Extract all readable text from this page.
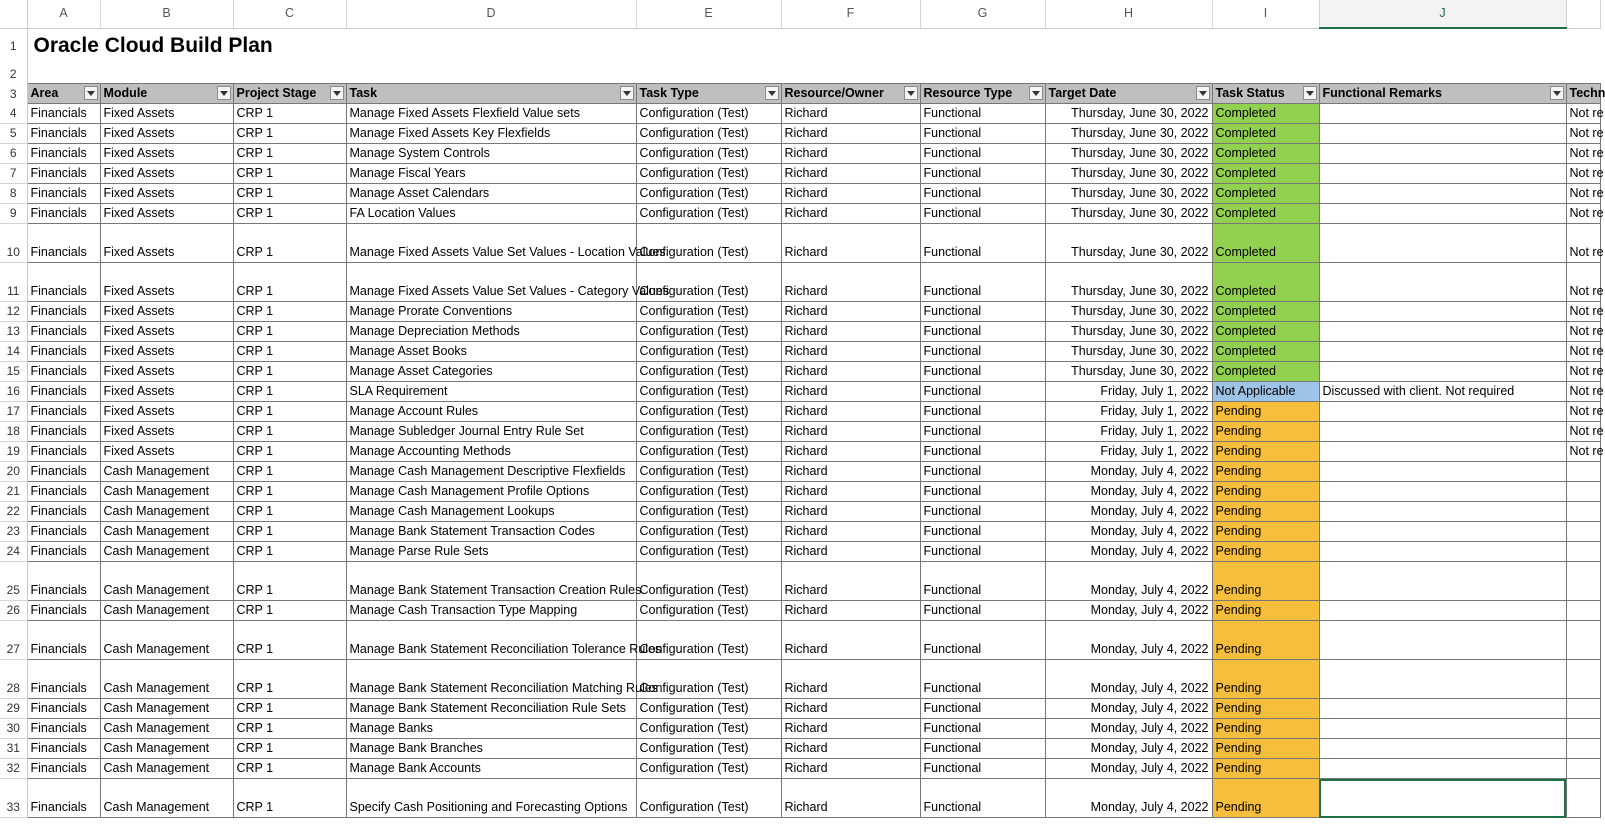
	A	B	C	D	E	F	G	H	I	J	
1	Oracle Cloud Build Plan										
2											
3	Area	Module	Project Stage	Task	Task Type	Resource/Owner	Resource Type	Target Date	Task Status	Functional Remarks	Techn
4	Financials	Fixed Assets	CRP 1	Manage Fixed Assets Flexfield Value sets	Configuration (Test)	Richard	Functional	Thursday, June 30, 2022	Completed		Not re
5	Financials	Fixed Assets	CRP 1	Manage Fixed Assets Key Flexfields	Configuration (Test)	Richard	Functional	Thursday, June 30, 2022	Completed		Not re
6	Financials	Fixed Assets	CRP 1	Manage System Controls	Configuration (Test)	Richard	Functional	Thursday, June 30, 2022	Completed		Not re
7	Financials	Fixed Assets	CRP 1	Manage Fiscal Years	Configuration (Test)	Richard	Functional	Thursday, June 30, 2022	Completed		Not re
8	Financials	Fixed Assets	CRP 1	Manage Asset Calendars	Configuration (Test)	Richard	Functional	Thursday, June 30, 2022	Completed		Not re
9	Financials	Fixed Assets	CRP 1	FA Location Values	Configuration (Test)	Richard	Functional	Thursday, June 30, 2022	Completed		Not re
10	Financials	Fixed Assets	CRP 1	Manage Fixed Assets Value Set Values - Location Values	Configuration (Test)	Richard	Functional	Thursday, June 30, 2022	Completed		Not re
11	Financials	Fixed Assets	CRP 1	Manage Fixed Assets Value Set Values - Category Values	Configuration (Test)	Richard	Functional	Thursday, June 30, 2022	Completed		Not re
12	Financials	Fixed Assets	CRP 1	Manage Prorate Conventions	Configuration (Test)	Richard	Functional	Thursday, June 30, 2022	Completed		Not re
13	Financials	Fixed Assets	CRP 1	Manage Depreciation Methods	Configuration (Test)	Richard	Functional	Thursday, June 30, 2022	Completed		Not re
14	Financials	Fixed Assets	CRP 1	Manage Asset Books	Configuration (Test)	Richard	Functional	Thursday, June 30, 2022	Completed		Not re
15	Financials	Fixed Assets	CRP 1	Manage Asset Categories	Configuration (Test)	Richard	Functional	Thursday, June 30, 2022	Completed		Not re
16	Financials	Fixed Assets	CRP 1	SLA Requirement	Configuration (Test)	Richard	Functional	Friday, July 1, 2022	Not Applicable	Discussed with client. Not required	Not re
17	Financials	Fixed Assets	CRP 1	Manage Account Rules	Configuration (Test)	Richard	Functional	Friday, July 1, 2022	Pending		Not re
18	Financials	Fixed Assets	CRP 1	Manage Subledger Journal Entry Rule Set	Configuration (Test)	Richard	Functional	Friday, July 1, 2022	Pending		Not re
19	Financials	Fixed Assets	CRP 1	Manage Accounting Methods	Configuration (Test)	Richard	Functional	Friday, July 1, 2022	Pending		Not re
20	Financials	Cash Management	CRP 1	Manage Cash Management Descriptive Flexfields	Configuration (Test)	Richard	Functional	Monday, July 4, 2022	Pending		
21	Financials	Cash Management	CRP 1	Manage Cash Management Profile Options	Configuration (Test)	Richard	Functional	Monday, July 4, 2022	Pending		
22	Financials	Cash Management	CRP 1	Manage Cash Management Lookups	Configuration (Test)	Richard	Functional	Monday, July 4, 2022	Pending		
23	Financials	Cash Management	CRP 1	Manage Bank Statement Transaction Codes	Configuration (Test)	Richard	Functional	Monday, July 4, 2022	Pending		
24	Financials	Cash Management	CRP 1	Manage Parse Rule Sets	Configuration (Test)	Richard	Functional	Monday, July 4, 2022	Pending		
25	Financials	Cash Management	CRP 1	Manage Bank Statement Transaction Creation Rules	Configuration (Test)	Richard	Functional	Monday, July 4, 2022	Pending		
26	Financials	Cash Management	CRP 1	Manage Cash Transaction Type Mapping	Configuration (Test)	Richard	Functional	Monday, July 4, 2022	Pending		
27	Financials	Cash Management	CRP 1	Manage Bank Statement Reconciliation Tolerance Rules	Configuration (Test)	Richard	Functional	Monday, July 4, 2022	Pending		
28	Financials	Cash Management	CRP 1	Manage Bank Statement Reconciliation Matching Rules	Configuration (Test)	Richard	Functional	Monday, July 4, 2022	Pending		
29	Financials	Cash Management	CRP 1	Manage Bank Statement Reconciliation Rule Sets	Configuration (Test)	Richard	Functional	Monday, July 4, 2022	Pending		
30	Financials	Cash Management	CRP 1	Manage Banks	Configuration (Test)	Richard	Functional	Monday, July 4, 2022	Pending		
31	Financials	Cash Management	CRP 1	Manage Bank Branches	Configuration (Test)	Richard	Functional	Monday, July 4, 2022	Pending		
32	Financials	Cash Management	CRP 1	Manage Bank Accounts	Configuration (Test)	Richard	Functional	Monday, July 4, 2022	Pending		
33	Financials	Cash Management	CRP 1	Specify Cash Positioning and Forecasting Options	Configuration (Test)	Richard	Functional	Monday, July 4, 2022	Pending		
